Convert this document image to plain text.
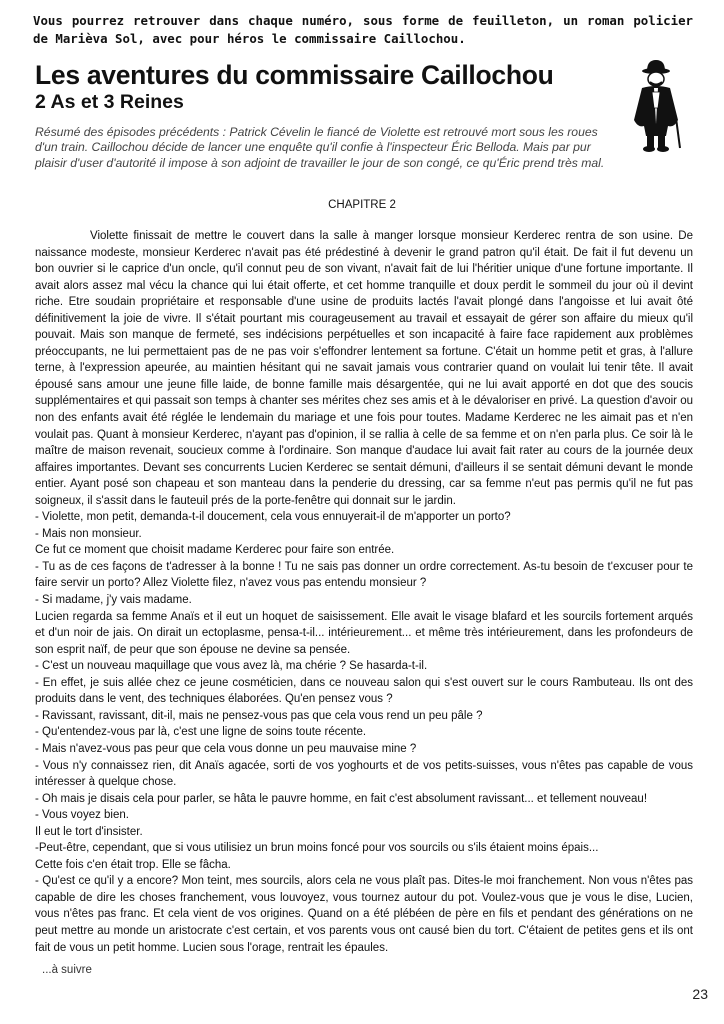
Vous pourrez retrouver dans chaque numéro, sous forme de feuilleton, un roman policier de Marièva Sol, avec pour héros le commissaire Caillochou.
Les aventures du commissaire Caillochou
2 As et 3 Reines
Résumé des épisodes précédents : Patrick Cévelin le fiancé de Violette est retrouvé mort sous les roues d'un train. Caillochou décide de lancer une enquête qu'il confie à l'inspecteur Éric Belloda. Mais par pur plaisir d'user d'autorité il impose à son adjoint de travailler le jour de son congé, ce qu'Éric prend très mal.
CHAPITRE 2

Violette finissait de mettre le couvert dans la salle à manger lorsque monsieur Kerderec rentra de son usine. De naissance modeste, monsieur Kerderec n'avait pas été prédestiné à devenir le grand patron qu'il était. De fait il fut devenu un bon ouvrier si le caprice d'un oncle, qu'il connut peu de son vivant, n'avait fait de lui l'héritier unique d'une fortune importante. Il avait alors assez mal vécu la chance qui lui était offerte, et cet homme tranquille et doux perdit le sommeil du jour où il devint riche. Etre soudain propriétaire et responsable d'une usine de produits lactés l'avait plongé dans l'angoisse et lui avait ôté définitivement la joie de vivre. Il s'était pourtant mis courageusement au travail et essayait de gérer son affaire du mieux qu'il pouvait. Mais son manque de fermeté, ses indécisions perpétuelles et son incapacité à faire face rapidement aux problèmes préoccupants, ne lui permettaient pas de ne pas voir s'effondrer lentement sa fortune. C'était un homme petit et gras, à l'allure terne, à l'expression apeurée, au maintien hésitant qui ne savait jamais vous contrarier quand on voulait lui tenir tête. Il avait épousé sans amour une jeune fille laide, de bonne famille mais désargentée, qui ne lui avait apporté en dot que des soucis supplémentaires et qui passait son temps à chanter ses mérites chez ses amis et à le dévaloriser en privé. La question d'avoir ou non des enfants avait été réglée le lendemain du mariage et une fois pour toutes. Madame Kerderec ne les aimait pas et n'en voulait pas. Quant à monsieur Kerderec, n'ayant pas d'opinion, il se rallia à celle de sa femme et on n'en parla plus. Ce soir là le maître de maison revenait, soucieux comme à l'ordinaire. Son manque d'audace lui avait fait rater au cours de la journée deux affaires importantes. Devant ses concurrents Lucien Kerderec se sentait démuni, d'ailleurs il se sentait démuni devant le monde entier. Ayant posé son chapeau et son manteau dans la penderie du dressing, car sa femme n'eut pas permis qu'il ne fut pas soigneux, il s'assit dans le fauteuil prés de la porte-fenêtre qui donnait sur le jardin.

- Violette, mon petit, demanda-t-il doucement, cela vous ennuyerait-il de m'apporter un porto?

- Mais non monsieur.

Ce fut ce moment que choisit madame Kerderec pour faire son entrée.

- Tu as de ces façons de t'adresser à la bonne ! Tu ne sais pas donner un ordre correctement. As-tu besoin de t'excuser pour te faire servir un porto? Allez Violette filez, n'avez vous pas entendu monsieur ?

- Si madame, j'y vais madame.

Lucien regarda sa femme Anaïs et il eut un hoquet de saisissement. Elle avait le visage blafard et les sourcils fortement arqués et d'un noir de jais. On dirait un ectoplasme, pensa-t-il... intérieurement... et même très intérieurement, dans les profondeurs de son esprit naïf, de peur que son épouse ne devine sa pensée.

- C'est un nouveau maquillage que vous avez là, ma chérie ? Se hasarda-t-il.

- En effet, je suis allée chez ce jeune cosméticien, dans ce nouveau salon qui s'est ouvert sur le cours Rambuteau. Ils ont des produits dans le vent, des techniques élaborées. Qu'en pensez vous ?

- Ravissant, ravissant, dit-il, mais ne pensez-vous pas que cela vous rend un peu pâle ?

- Qu'entendez-vous par là, c'est une ligne de soins toute récente.

- Mais n'avez-vous pas peur que cela vous donne un peu mauvaise mine ?

- Vous n'y connaissez rien, dit Anaïs agacée, sorti de vos yoghourts et de vos petits-suisses, vous n'êtes pas capable de vous intéresser à quelque chose.

- Oh mais je disais cela pour parler, se hâta le pauvre homme, en fait c'est absolument ravissant... et tellement nouveau!

- Vous voyez bien.

Il eut le tort d'insister.

-Peut-être, cependant, que si vous utilisiez un brun moins foncé pour vos sourcils ou s'ils étaient moins épais...

Cette fois c'en était trop. Elle se fâcha.

- Qu'est ce qu'il y a encore? Mon teint, mes sourcils, alors cela ne vous plaît pas. Dites-le moi franchement. Non vous n'êtes pas capable de dire les choses franchement, vous louvoyez, vous tournez autour du pot. Voulez-vous que je vous le dise, Lucien, vous n'êtes pas franc. Et cela vient de vos origines. Quand on a été plébéen de père en fils et pendant des générations on ne peut mettre au monde un aristocrate c'est certain, et vos parents vous ont causé bien du tort. C'étaient de petites gens et ils ont fait de vous un petit homme. Lucien sous l'orage, rentrait les épaules.

...à suivre
23
